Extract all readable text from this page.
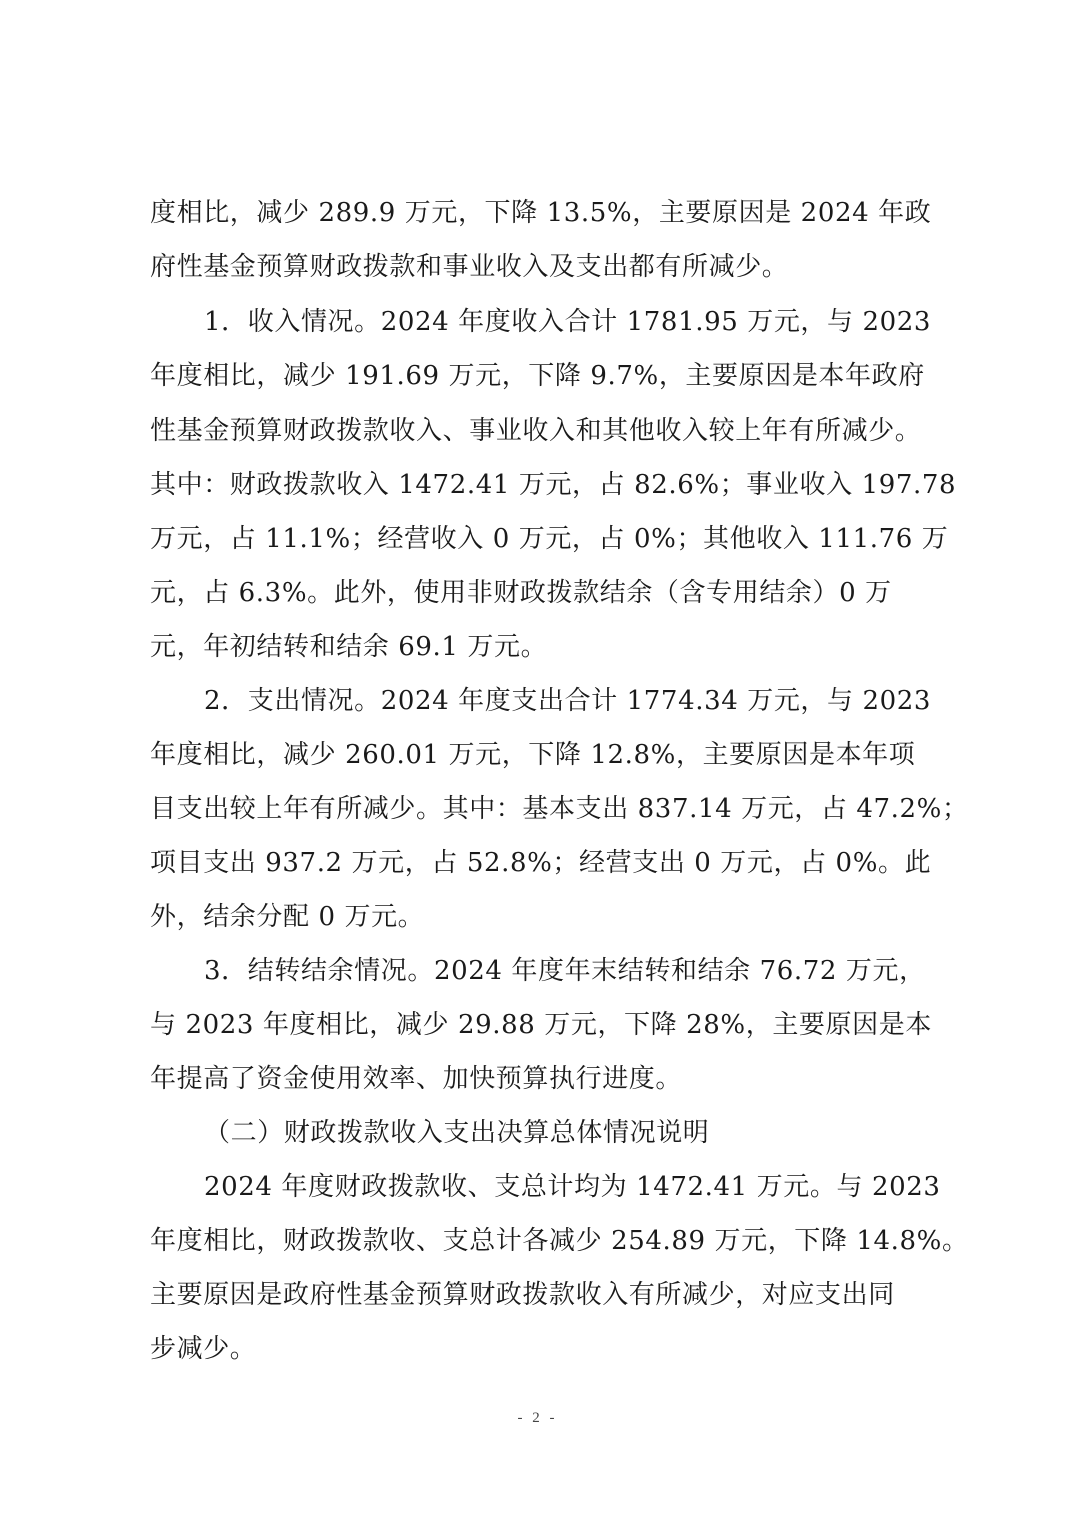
度相比，减少 289.9 万元，下降 13.5%，主要原因是 2024 年政
府性基金预算财政拨款和事业收入及支出都有所减少。
1．收入情况。2024 年度收入合计 1781.95 万元，与 2023
年度相比，减少 191.69 万元，下降 9.7%，主要原因是本年政府
性基金预算财政拨款收入、事业收入和其他收入较上年有所减少。
其中：财政拨款收入 1472.41 万元，占 82.6%；事业收入 197.78
万元，占 11.1%；经营收入 0 万元，占 0%；其他收入 111.76 万
元，占 6.3%。此外，使用非财政拨款结余（含专用结余）0 万
元，年初结转和结余 69.1 万元。
2．支出情况。2024 年度支出合计 1774.34 万元，与 2023
年度相比，减少 260.01 万元，下降 12.8%，主要原因是本年项
目支出较上年有所减少。其中：基本支出 837.14 万元，占 47.2%；
项目支出 937.2 万元，占 52.8%；经营支出 0 万元，占 0%。此
外，结余分配 0 万元。
3．结转结余情况。2024 年度年末结转和结余 76.72 万元，
与 2023 年度相比，减少 29.88 万元，下降 28%，主要原因是本
年提高了资金使用效率、加快预算执行进度。
（二）财政拨款收入支出决算总体情况说明
2024 年度财政拨款收、支总计均为 1472.41 万元。与 2023
年度相比，财政拨款收、支总计各减少 254.89 万元，下降 14.8%。
主要原因是政府性基金预算财政拨款收入有所减少，对应支出同
步减少。
- 2 -
